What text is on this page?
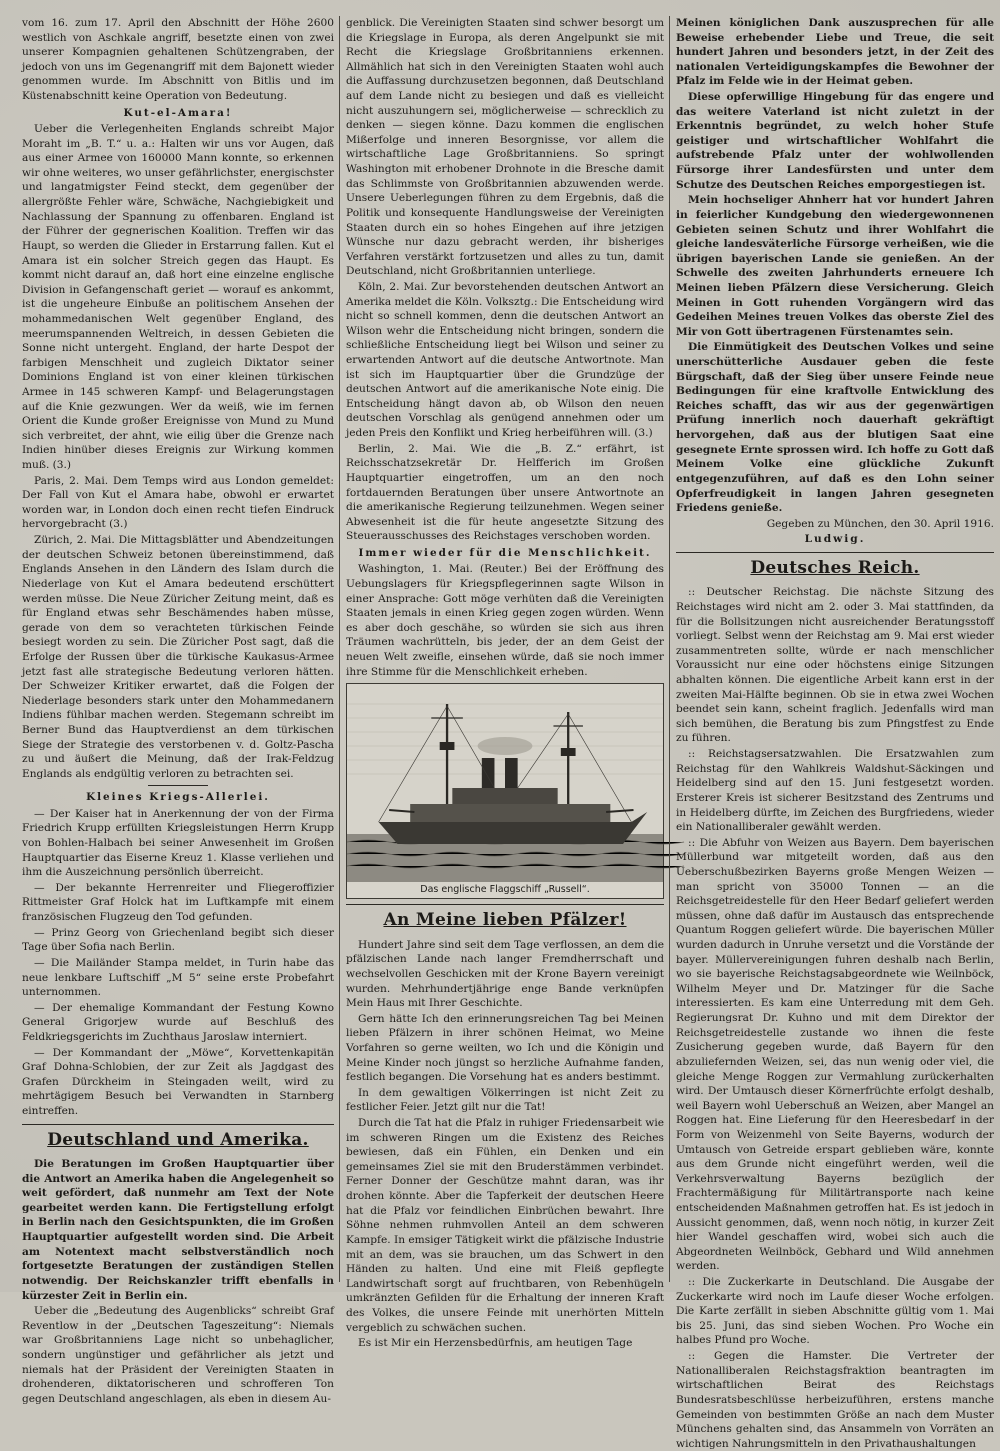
vom 16. zum 17. April den Abschnitt der Höhe 2600 westlich von Aschkale angriff, besetzte einen von zwei unserer Kompagnien gehaltenen Schützengraben, der jedoch von uns im Gegenangriff mit dem Bajonett wieder genommen wurde. Im Abschnitt von Bitlis und im Küstenabschnitt keine Operation von Bedeutung.

Kut-el-Amara!

Ueber die Verlegenheiten Englands schreibt Major Moraht im „B. T.“ u. a.: Halten wir uns vor Augen, daß aus einer Armee von 160000 Mann konnte, so erkennen wir ohne weiteres, wo unser gefährlichster, energischster und langatmigster Feind steckt, dem gegenüber der allergrößte Fehler wäre, Schwäche, Nachgiebigkeit und Nachlassung der Spannung zu offenbaren. England ist der Führer der gegnerischen Koalition. Treffen wir das Haupt, so werden die Glieder in Erstarrung fallen. Kut el Amara ist ein solcher Streich gegen das Haupt. Es kommt nicht darauf an, daß hort eine einzelne englische Division in Gefangenschaft geriet — worauf es ankommt, ist die ungeheure Einbuße an politischem Ansehen der mohammedanischen Welt gegenüber England, des meerumspannenden Weltreich, in dessen Gebieten die Sonne nicht untergeht. England, der harte Despot der farbigen Menschheit und zugleich Diktator seiner Dominions England ist von einer kleinen türkischen Armee in 145 schweren Kampf- und Belagerungstagen auf die Knie gezwungen. Wer da weiß, wie im fernen Orient die Kunde großer Ereignisse von Mund zu Mund sich verbreitet, der ahnt, wie eilig über die Grenze nach Indien hinüber dieses Ereignis zur Wirkung kommen muß. (3.)

Paris, 2. Mai. Dem Temps wird aus London gemeldet: Der Fall von Kut el Amara habe, obwohl er erwartet worden war, in London doch einen recht tiefen Eindruck hervorgebracht (3.)

Zürich, 2. Mai. Die Mittagsblätter und Abendzeitungen der deutschen Schweiz betonen übereinstimmend, daß Englands Ansehen in den Ländern des Islam durch die Niederlage von Kut el Amara bedeutend erschüttert werden müsse. Die Neue Züricher Zeitung meint, daß es für England etwas sehr Beschämendes haben müsse, gerade von dem so verachteten türkischen Feinde besiegt worden zu sein. Die Züricher Post sagt, daß die Erfolge der Russen über die türkische Kaukasus-Armee jetzt fast alle strategische Bedeutung verloren hätten. Der Schweizer Kritiker erwartet, daß die Folgen der Niederlage besonders stark unter den Mohammedanern Indiens fühlbar machen werden. Stegemann schreibt im Berner Bund das Hauptverdienst an dem türkischen Siege der Strategie des verstorbenen v. d. Goltz-Pascha zu und äußert die Meinung, daß der Irak-Feldzug Englands als endgültig verloren zu betrachten sei.

Kleines Kriegs-Allerlei.

— Der Kaiser hat in Anerkennung der von der Firma Friedrich Krupp erfüllten Kriegsleistungen Herrn Krupp von Bohlen-Halbach bei seiner Anwesenheit im Großen Hauptquartier das Eiserne Kreuz 1. Klasse verliehen und ihm die Auszeichnung persönlich überreicht.

— Der bekannte Herrenreiter und Fliegeroffizier Rittmeister Graf Holck hat im Luftkampfe mit einem französischen Flugzeug den Tod gefunden.

— Prinz Georg von Griechenland begibt sich dieser Tage über Sofia nach Berlin.

— Die Mailänder Stampa meldet, in Turin habe das neue lenkbare Luftschiff „M 5“ seine erste Probefahrt unternommen.

— Der ehemalige Kommandant der Festung Kowno General Grigorjew wurde auf Beschluß des Feldkriegsgerichts im Zuchthaus Jaroslaw interniert.

— Der Kommandant der „Möwe“, Korvettenkapitän Graf Dohna-Schlobien, der zur Zeit als Jagdgast des Grafen Dürckheim in Steingaden weilt, wird zu mehrtägigem Besuch bei Verwandten in Starnberg eintreffen.

Deutschland und Amerika.

Die Beratungen im Großen Hauptquartier über die Antwort an Amerika haben die Angelegenheit so weit gefördert, daß nunmehr am Text der Note gearbeitet werden kann. Die Fertigstellung erfolgt in Berlin nach den Gesichtspunkten, die im Großen Hauptquartier aufgestellt worden sind. Die Arbeit am Notentext macht selbstverständlich noch fortgesetzte Beratungen der zuständigen Stellen notwendig. Der Reichskanzler trifft ebenfalls in kürzester Zeit in Berlin ein.

Ueber die „Bedeutung des Augenblicks“ schreibt Graf Reventlow in der „Deutschen Tageszeitung“: Niemals war Großbritanniens Lage nicht so unbehaglicher, sondern ungünstiger und gefährlicher als jetzt und niemals hat der Präsident der Vereinigten Staaten in drohenderen, diktatorischeren und schrofferen Ton gegen Deutschland angeschlagen, als eben in diesem Au-

genblick. Die Vereinigten Staaten sind schwer besorgt um die Kriegslage in Europa, als deren Angelpunkt sie mit Recht die Kriegslage Großbritanniens erkennen. Allmählich hat sich in den Vereinigten Staaten wohl auch die Auffassung durchzusetzen begonnen, daß Deutschland auf dem Lande nicht zu besiegen und daß es vielleicht nicht auszuhungern sei, möglicherweise — schrecklich zu denken — siegen könne. Dazu kommen die englischen Mißerfolge und inneren Besorgnisse, vor allem die wirtschaftliche Lage Großbritanniens. So springt Washington mit erhobener Drohnote in die Bresche damit das Schlimmste von Großbritannien abzuwenden werde. Unsere Ueberlegungen führen zu dem Ergebnis, daß die Politik und konsequente Handlungsweise der Vereinigten Staaten durch ein so hohes Eingehen auf ihre jetzigen Wünsche nur dazu gebracht werden, ihr bisheriges Verfahren verstärkt fortzusetzen und alles zu tun, damit Deutschland, nicht Großbritannien unterliege.

Köln, 2. Mai. Zur bevorstehenden deutschen Antwort an Amerika meldet die Köln. Volksztg.: Die Entscheidung wird nicht so schnell kommen, denn die deutschen Antwort an Wilson wehr die Entscheidung nicht bringen, sondern die schließliche Entscheidung liegt bei Wilson und seiner zu erwartenden Antwort auf die deutsche Antwortnote. Man ist sich im Hauptquartier über die Grundzüge der deutschen Antwort auf die amerikanische Note einig. Die Entscheidung hängt davon ab, ob Wilson den neuen deutschen Vorschlag als genügend annehmen oder um jeden Preis den Konflikt und Krieg herbeiführen will. (3.)

Berlin, 2. Mai. Wie die „B. Z.“ erfährt, ist Reichsschatzsekretär Dr. Helfferich im Großen Hauptquartier eingetroffen, um an den noch fortdauernden Beratungen über unsere Antwortnote an die amerikanische Regierung teilzunehmen. Wegen seiner Abwesenheit ist die für heute angesetzte Sitzung des Steuerausschusses des Reichstages verschoben worden.

Immer wieder für die Menschlichkeit.

Washington, 1. Mai. (Reuter.) Bei der Eröffnung des Uebungslagers für Kriegspflegerinnen sagte Wilson in einer Ansprache: Gott möge verhüten daß die Vereinigten Staaten jemals in einen Krieg gegen zogen würden. Wenn es aber doch geschähe, so würden sie sich aus ihren Träumen wachrütteln, bis jeder, der an dem Geist der neuen Welt zweifle, einsehen würde, daß sie noch immer ihre Stimme für die Menschlichkeit erheben.

Das englische Flaggschiff „Russell“.
An Meine lieben Pfälzer!

Hundert Jahre sind seit dem Tage verflossen, an dem die pfälzischen Lande nach langer Fremdherrschaft und wechselvollen Geschicken mit der Krone Bayern vereinigt wurden. Mehrhundertjährige enge Bande verknüpfen Mein Haus mit Ihrer Geschichte.

Gern hätte Ich den erinnerungsreichen Tag bei Meinen lieben Pfälzern in ihrer schönen Heimat, wo Meine Vorfahren so gerne weilten, wo Ich und die Königin und Meine Kinder noch jüngst so herzliche Aufnahme fanden, festlich begangen. Die Vorsehung hat es anders bestimmt.

In dem gewaltigen Völkerringen ist nicht Zeit zu festlicher Feier. Jetzt gilt nur die Tat!

Durch die Tat hat die Pfalz in ruhiger Friedensarbeit wie im schweren Ringen um die Existenz des Reiches bewiesen, daß ein Fühlen, ein Denken und ein gemeinsames Ziel sie mit den Bruderstämmen verbindet. Ferner Donner der Geschütze mahnt daran, was ihr drohen könnte. Aber die Tapferkeit der deutschen Heere hat die Pfalz vor feindlichen Einbrüchen bewahrt. Ihre Söhne nehmen ruhmvollen Anteil an dem schweren Kampfe. In emsiger Tätigkeit wirkt die pfälzische Industrie mit an dem, was sie brauchen, um das Schwert in den Händen zu halten. Und eine mit Fleiß gepflegte Landwirtschaft sorgt auf fruchtbaren, von Rebenhügeln umkränzten Gefilden für die Erhaltung der inneren Kraft des Volkes, die unsere Feinde mit unerhörten Mitteln vergeblich zu schwächen suchen.

Es ist Mir ein Herzensbedürfnis, am heutigen Tage

Meinen königlichen Dank auszusprechen für alle Beweise erhebender Liebe und Treue, die seit hundert Jahren und besonders jetzt, in der Zeit des nationalen Verteidigungskampfes die Bewohner der Pfalz im Felde wie in der Heimat geben.

Diese opferwillige Hingebung für das engere und das weitere Vaterland ist nicht zuletzt in der Erkenntnis begründet, zu welch hoher Stufe geistiger und wirtschaftlicher Wohlfahrt die aufstrebende Pfalz unter der wohlwollenden Fürsorge ihrer Landesfürsten und unter dem Schutze des Deutschen Reiches emporgestiegen ist.

Mein hochseliger Ahnherr hat vor hundert Jahren in feierlicher Kundgebung den wiedergewonnenen Gebieten seinen Schutz und ihrer Wohlfahrt die gleiche landesväterliche Fürsorge verheißen, wie die übrigen bayerischen Lande sie genießen. An der Schwelle des zweiten Jahrhunderts erneuere Ich Meinen lieben Pfälzern diese Versicherung. Gleich Meinen in Gott ruhenden Vorgängern wird das Gedeihen Meines treuen Volkes das oberste Ziel des Mir von Gott übertragenen Fürstenamtes sein.

Die Einmütigkeit des Deutschen Volkes und seine unerschütterliche Ausdauer geben die feste Bürgschaft, daß der Sieg über unsere Feinde neue Bedingungen für eine kraftvolle Entwicklung des Reiches schafft, das wir aus der gegenwärtigen Prüfung innerlich noch dauerhaft gekräftigt hervorgehen, daß aus der blutigen Saat eine gesegnete Ernte sprossen wird. Ich hoffe zu Gott daß Meinem Volke eine glückliche Zukunft entgegenzuführen, auf daß es den Lohn seiner Opferfreudigkeit in langen Jahren gesegneten Friedens genieße.

Gegeben zu München, den 30. April 1916.

Ludwig.

Deutsches Reich.

:: Deutscher Reichstag. Die nächste Sitzung des Reichstages wird nicht am 2. oder 3. Mai stattfinden, da für die Bollsitzungen nicht ausreichender Beratungsstoff vorliegt. Selbst wenn der Reichstag am 9. Mai erst wieder zusammentreten sollte, würde er nach menschlicher Voraussicht nur eine oder höchstens einige Sitzungen abhalten können. Die eigentliche Arbeit kann erst in der zweiten Mai-Hälfte beginnen. Ob sie in etwa zwei Wochen beendet sein kann, scheint fraglich. Jedenfalls wird man sich bemühen, die Beratung bis zum Pfingstfest zu Ende zu führen.

:: Reichstagsersatzwahlen. Die Ersatzwahlen zum Reichstag für den Wahlkreis Waldshut-Säckingen und Heidelberg sind auf den 15. Juni festgesetzt worden. Ersterer Kreis ist sicherer Besitzstand des Zentrums und in Heidelberg dürfte, im Zeichen des Burgfriedens, wieder ein Nationalliberaler gewählt werden.

:: Die Abfuhr von Weizen aus Bayern. Dem bayerischen Müllerbund war mitgeteilt worden, daß aus den Ueberschußbezirken Bayerns große Mengen Weizen — man spricht von 35000 Tonnen — an die Reichsgetreidestelle für den Heer Bedarf geliefert werden müssen, ohne daß dafür im Austausch das entsprechende Quantum Roggen geliefert würde. Die bayerischen Müller wurden dadurch in Unruhe versetzt und die Vorstände der bayer. Müllervereinigungen fuhren deshalb nach Berlin, wo sie bayerische Reichstagsabgeordnete wie Weilnböck, Wilhelm Meyer und Dr. Matzinger für die Sache interessierten. Es kam eine Unterredung mit dem Geh. Regierungsrat Dr. Kuhno und mit dem Direktor der Reichsgetreidestelle zustande wo ihnen die feste Zusicherung gegeben wurde, daß Bayern für den abzuliefernden Weizen, sei, das nun wenig oder viel, die gleiche Menge Roggen zur Vermahlung zurückerhalten wird. Der Umtausch dieser Körnerfrüchte erfolgt deshalb, weil Bayern wohl Ueberschuß an Weizen, aber Mangel an Roggen hat. Eine Lieferung für den Heeresbedarf in der Form von Weizenmehl von Seite Bayerns, wodurch der Umtausch von Getreide erspart geblieben wäre, konnte aus dem Grunde nicht eingeführt werden, weil die Verkehrsverwaltung Bayerns bezüglich der Frachtermäßigung für Militärtransporte nach keine entscheidenden Maßnahmen getroffen hat. Es ist jedoch in Aussicht genommen, daß, wenn noch nötig, in kurzer Zeit hier Wandel geschaffen wird, wobei sich auch die Abgeordneten Weilnböck, Gebhard und Wild annehmen werden.

:: Die Zuckerkarte in Deutschland. Die Ausgabe der Zuckerkarte wird noch im Laufe dieser Woche erfolgen. Die Karte zerfällt in sieben Abschnitte gültig vom 1. Mai bis 25. Juni, das sind sieben Wochen. Pro Woche ein halbes Pfund pro Woche.

:: Gegen die Hamster. Die Vertreter der Nationalliberalen Reichstagsfraktion beantragten im wirtschaftlichen Beirat des Reichstags Bundesratsbeschlüsse herbeizuführen, erstens manche Gemeinden von bestimmten Größe an nach dem Muster Münchens gehalten sind, das Ansammeln von Vorräten an wichtigen Nahrungsmitteln in den Privathaushaltungen
